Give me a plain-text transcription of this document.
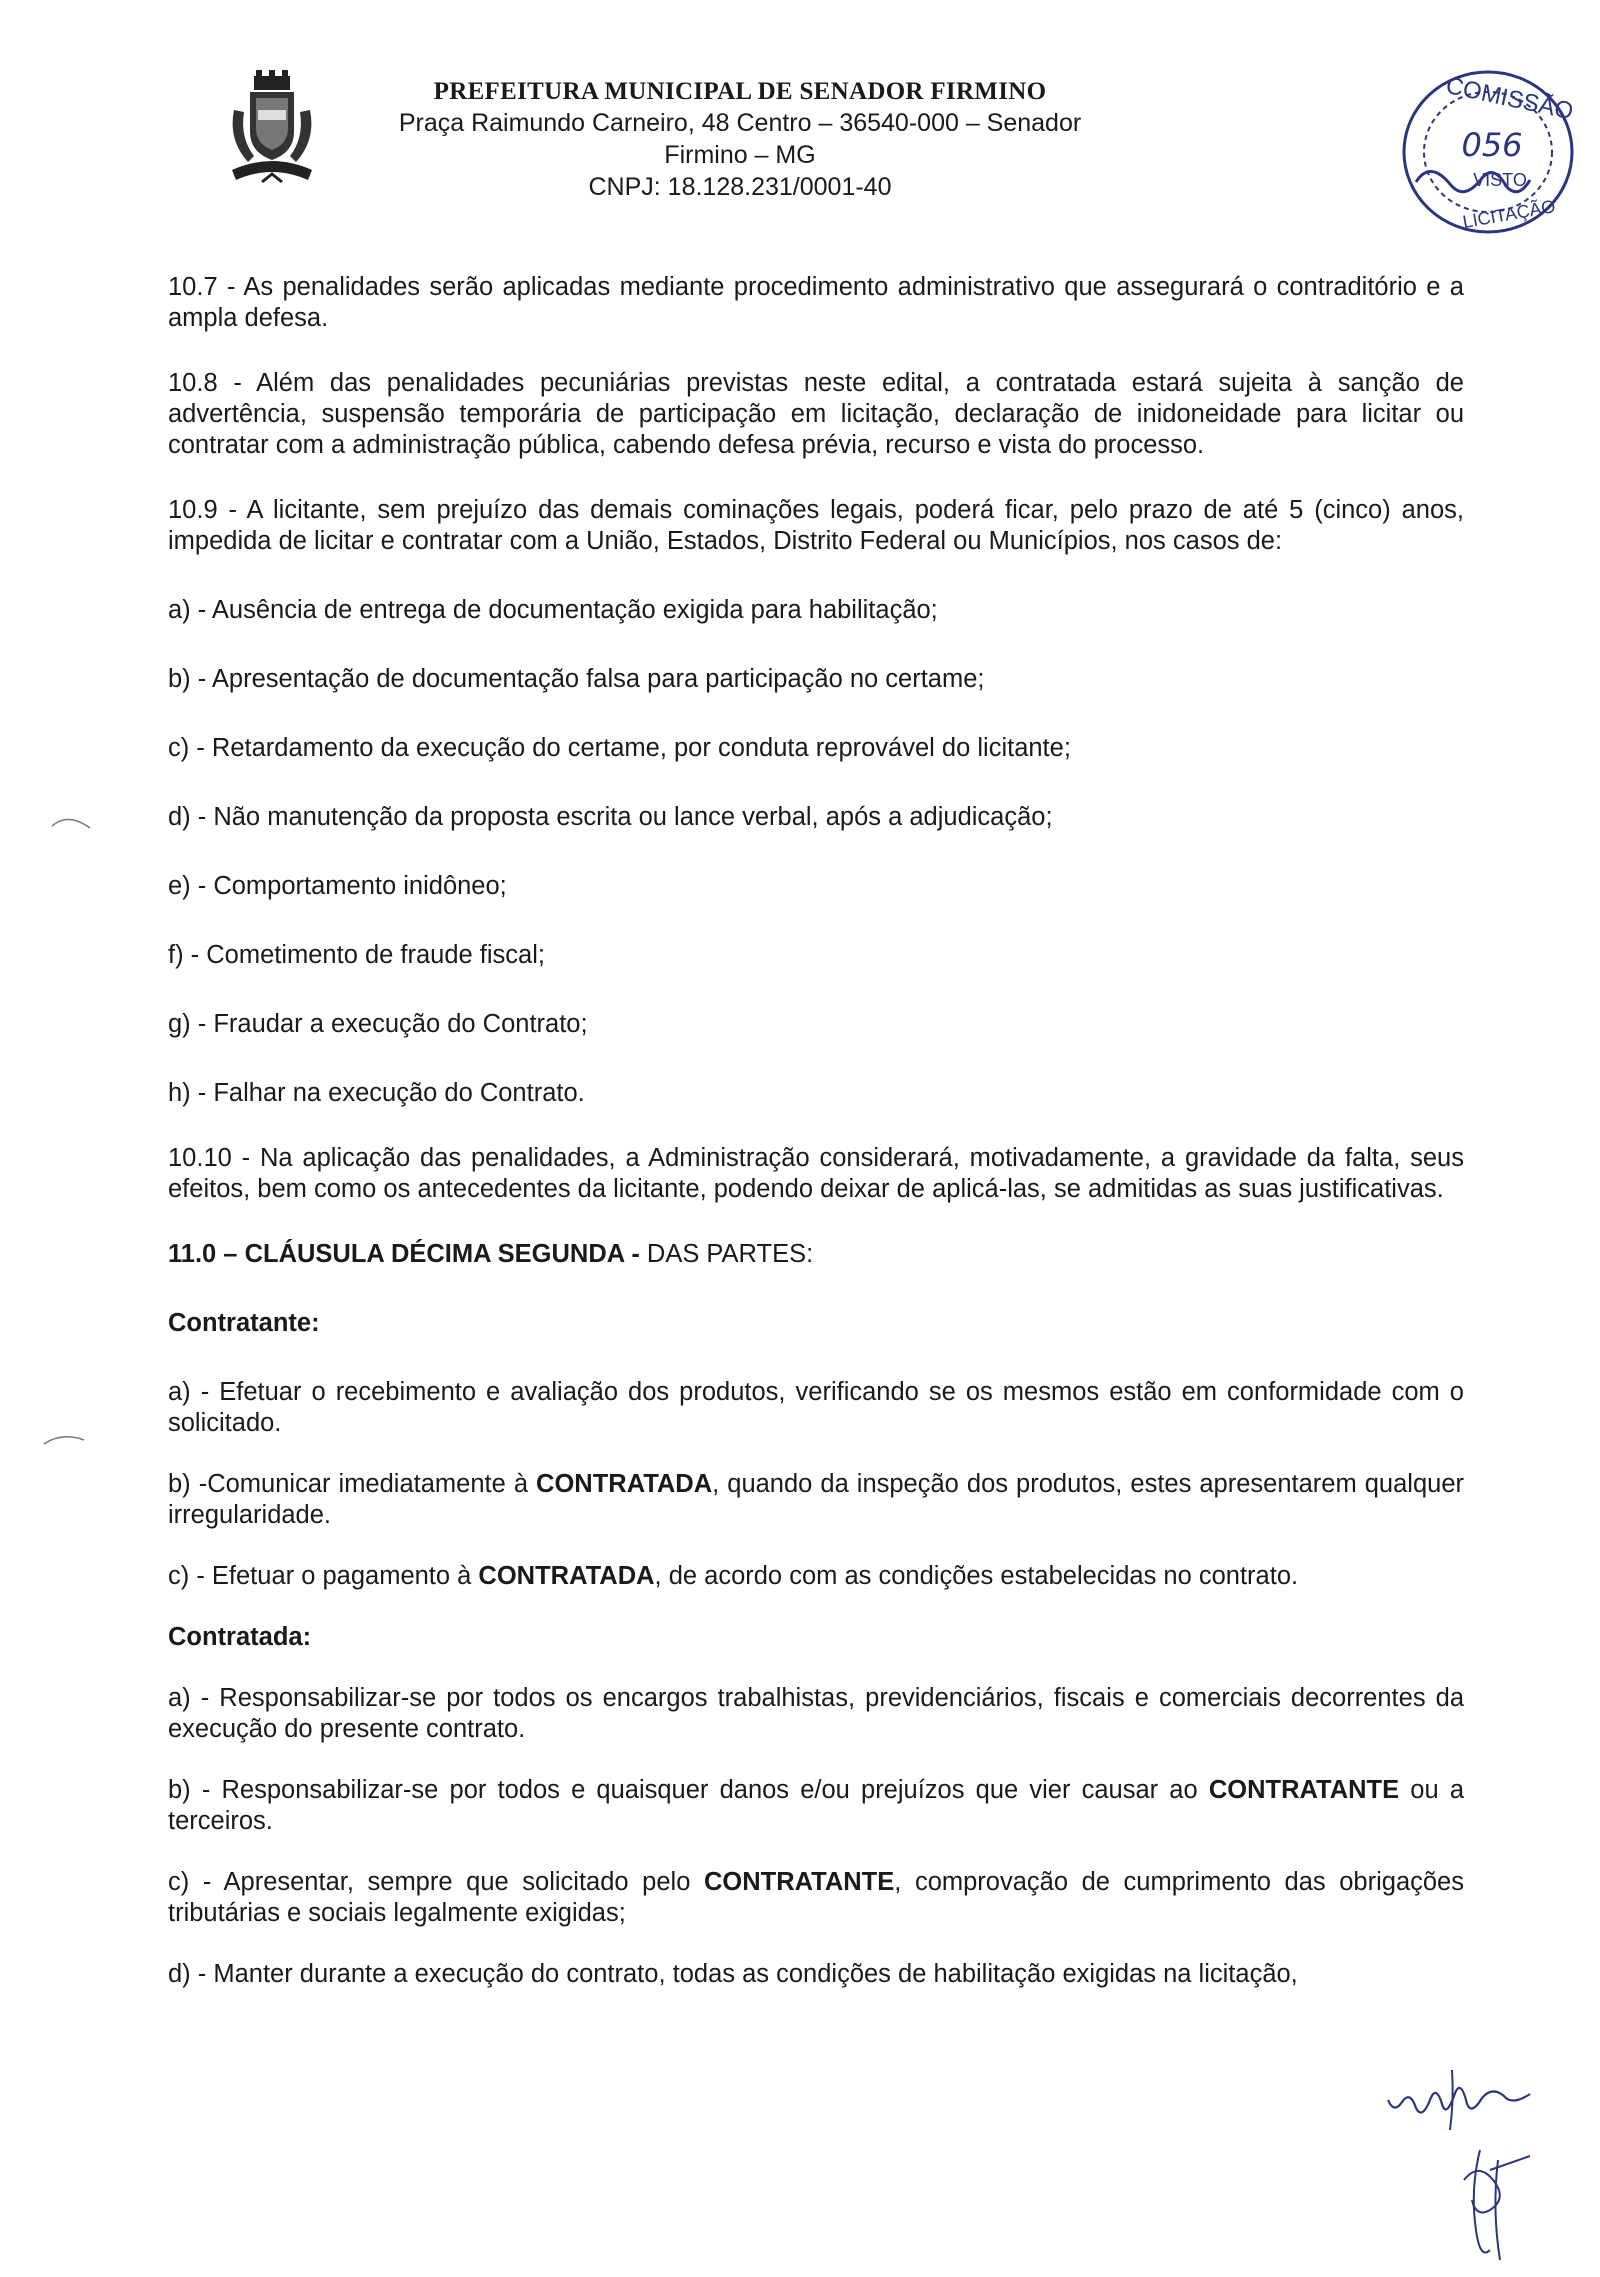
PREFEITURA MUNICIPAL DE SENADOR FIRMINO
Praça Raimundo Carneiro, 48 Centro – 36540-000 – Senador Firmino – MG
CNPJ: 18.128.231/0001-40
COMISSÃO
056
VISTO
LICITAÇÃO

10.7 - As penalidades serão aplicadas mediante procedimento administrativo que assegurará o contraditório e a ampla defesa.

10.8 - Além das penalidades pecuniárias previstas neste edital, a contratada estará sujeita à sanção de advertência, suspensão temporária de participação em licitação, declaração de inidoneidade para licitar ou contratar com a administração pública, cabendo defesa prévia, recurso e vista do processo.

10.9 - A licitante, sem prejuízo das demais cominações legais, poderá ficar, pelo prazo de até 5 (cinco) anos, impedida de licitar e contratar com a União, Estados, Distrito Federal ou Municípios, nos casos de:

a) - Ausência de entrega de documentação exigida para habilitação;

b) - Apresentação de documentação falsa para participação no certame;

c) - Retardamento da execução do certame, por conduta reprovável do licitante;

d) - Não manutenção da proposta escrita ou lance verbal, após a adjudicação;

e) - Comportamento inidôneo;

f) - Cometimento de fraude fiscal;

g) - Fraudar a execução do Contrato;

h) - Falhar na execução do Contrato.

10.10 - Na aplicação das penalidades, a Administração considerará, motivadamente, a gravidade da falta, seus efeitos, bem como os antecedentes da licitante, podendo deixar de aplicá-las, se admitidas as suas justificativas.

11.0 – CLÁUSULA DÉCIMA SEGUNDA - DAS PARTES:

Contratante:

a) - Efetuar o recebimento e avaliação dos produtos, verificando se os mesmos estão em conformidade com o solicitado.

b) -Comunicar imediatamente à CONTRATADA, quando da inspeção dos produtos, estes apresentarem qualquer irregularidade.

c) - Efetuar o pagamento à CONTRATADA, de acordo com as condições estabelecidas no contrato.

Contratada:

a) - Responsabilizar-se por todos os encargos trabalhistas, previdenciários, fiscais e comerciais decorrentes da execução do presente contrato.

b) - Responsabilizar-se por todos e quaisquer danos e/ou prejuízos que vier causar ao CONTRATANTE ou a terceiros.

c) - Apresentar, sempre que solicitado pelo CONTRATANTE, comprovação de cumprimento das obrigações tributárias e sociais legalmente exigidas;

d) - Manter durante a execução do contrato, todas as condições de habilitação exigidas na licitação,
